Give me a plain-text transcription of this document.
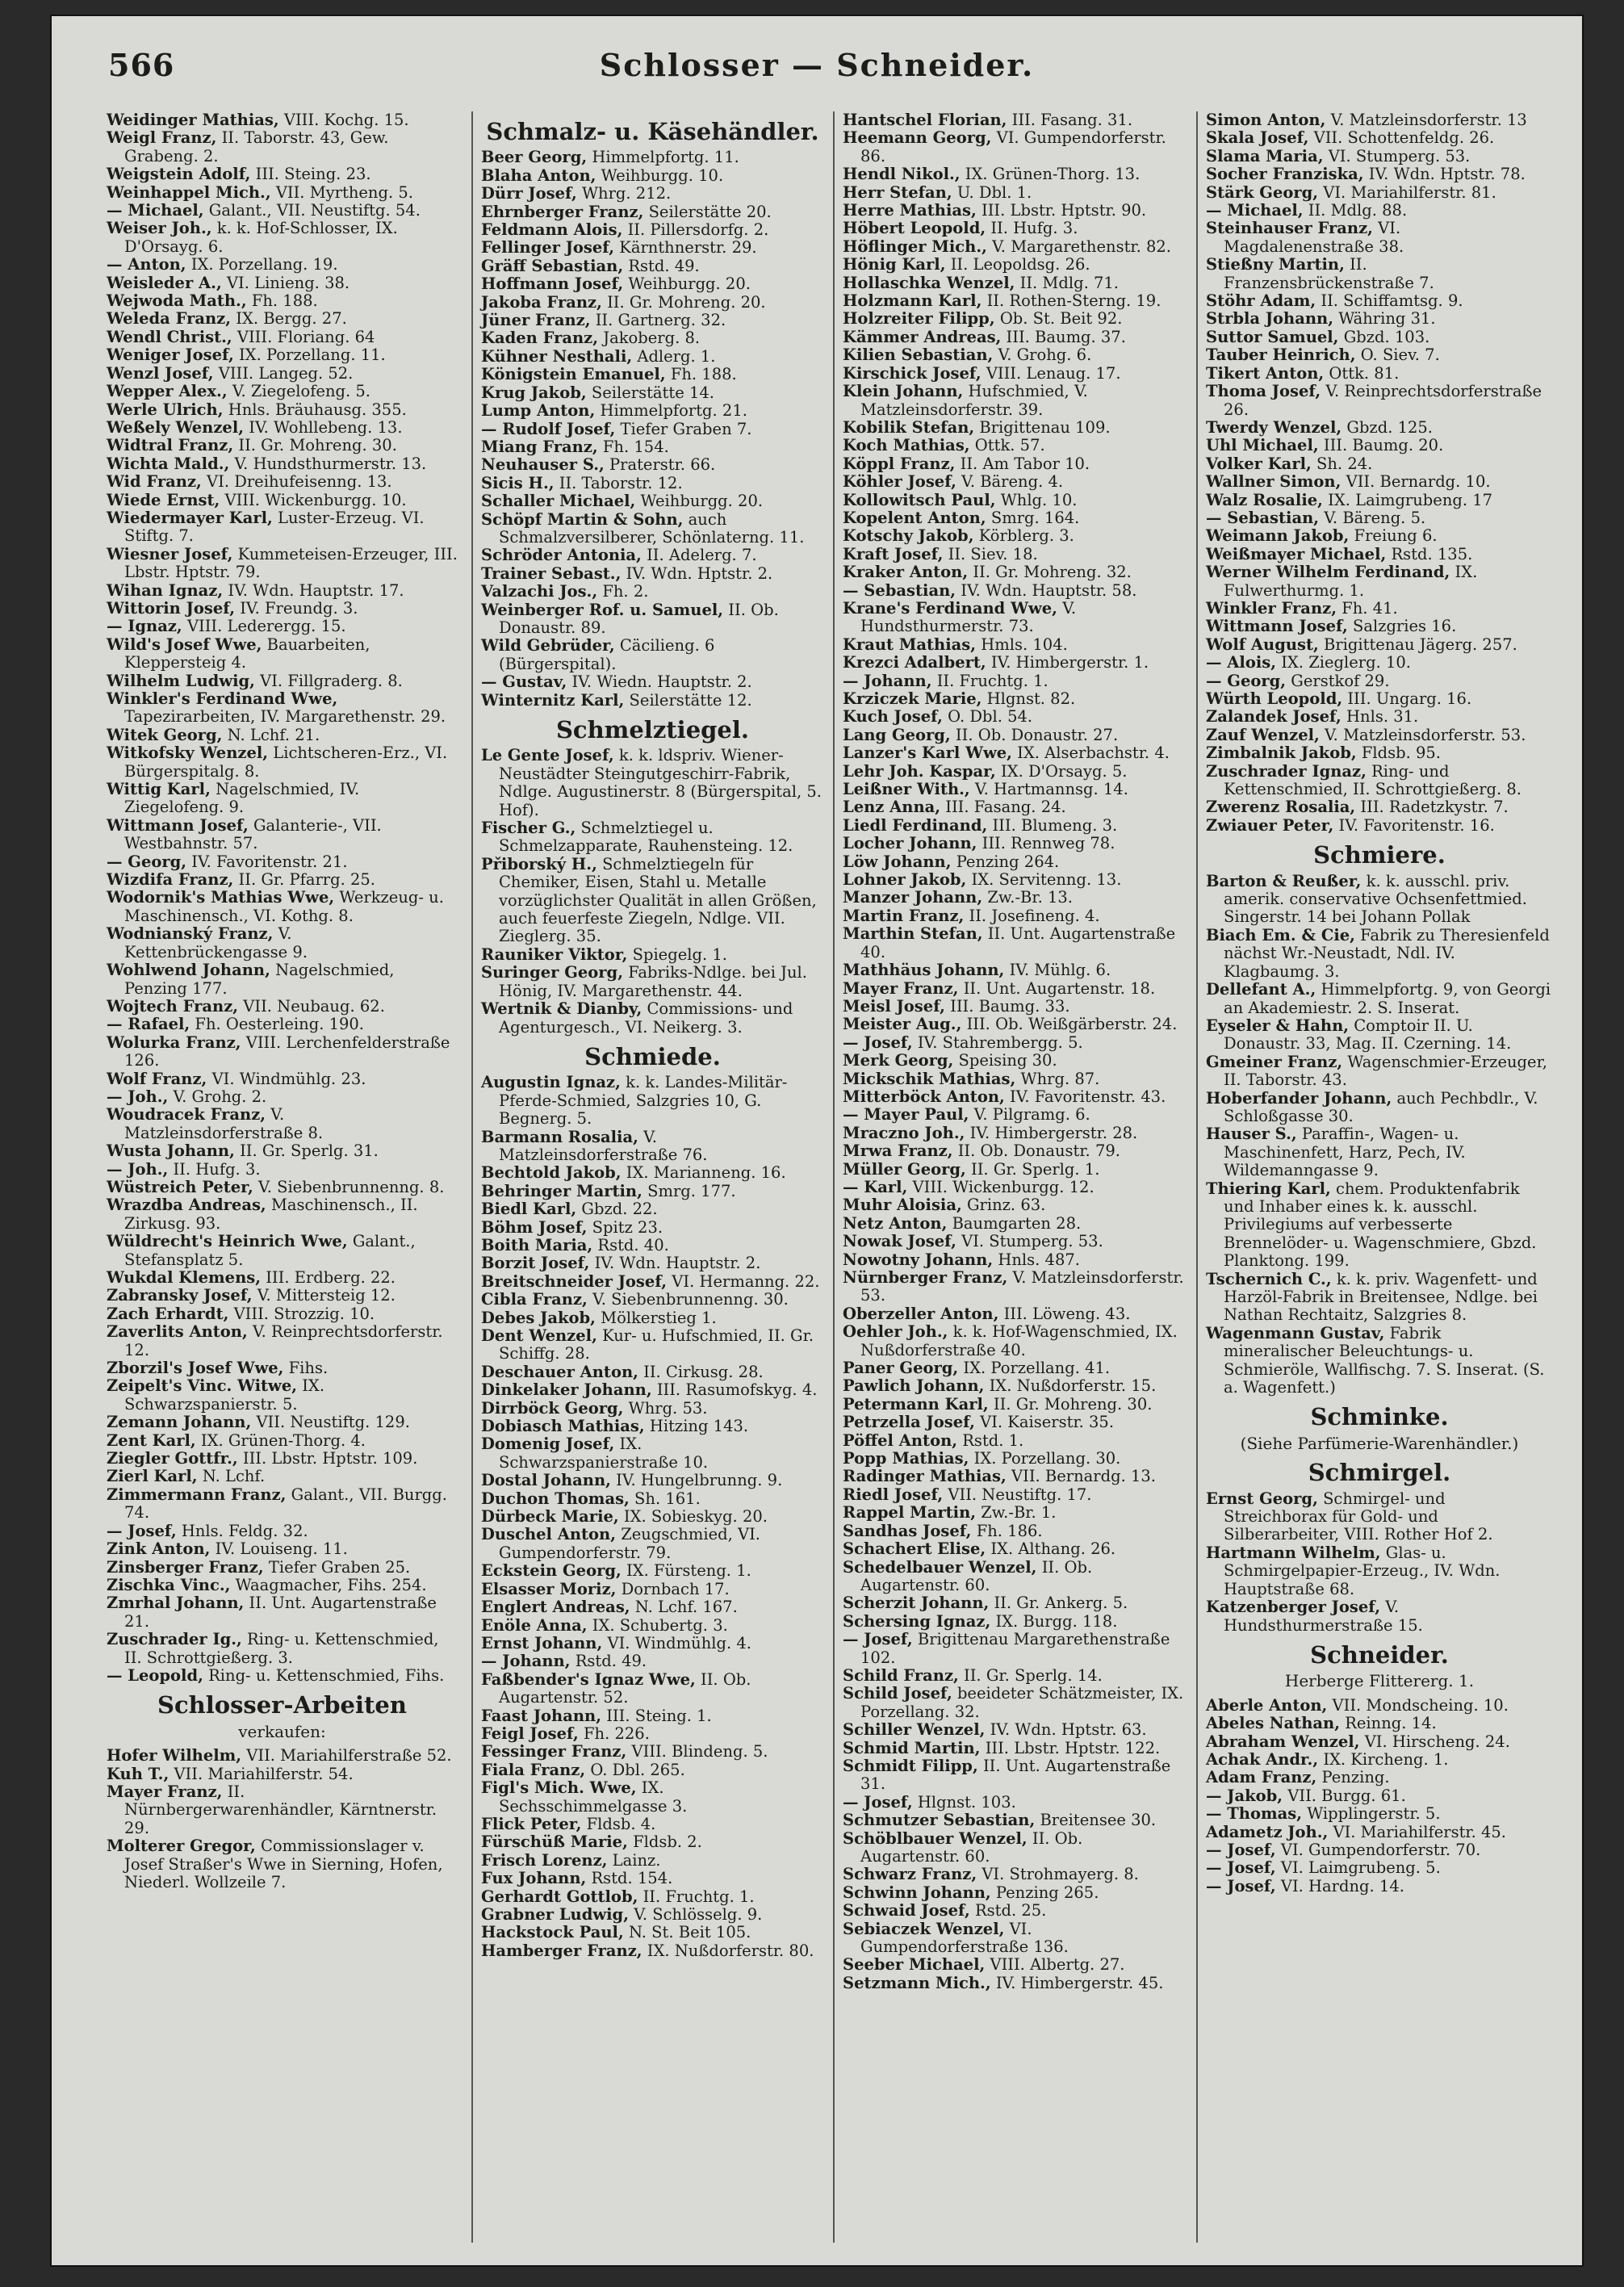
566	Schlosser — Schneider.

Weidinger Mathias, VIII. Kochg. 15.

Weigl Franz, II. Taborstr. 43, Gew. Grabeng. 2.

Weigstein Adolf, III. Steing. 23.

Weinhappel Mich., VII. Myrtheng. 5.

— Michael, Galant., VII. Neustiftg. 54.

Weiser Joh., k. k. Hof-Schlosser, IX. D'Orsayg. 6.

— Anton, IX. Porzellang. 19.

Weisleder A., VI. Linieng. 38.

Wejwoda Math., Fh. 188.

Weleda Franz, IX. Bergg. 27.

Wendl Christ., VIII. Floriang. 64

Weniger Josef, IX. Porzellang. 11.

Wenzl Josef, VIII. Langeg. 52.

Wepper Alex., V. Ziegelofeng. 5.

Werle Ulrich, Hnls. Bräuhausg. 355.

Weßely Wenzel, IV. Wohllebeng. 13.

Widtral Franz, II. Gr. Mohreng. 30.

Wichta Mald., V. Hundsthurmerstr. 13.

Wid Franz, VI. Dreihufeisenng. 13.

Wiede Ernst, VIII. Wickenburgg. 10.

Wiedermayer Karl, Luster-Erzeug. VI. Stiftg. 7.

Wiesner Josef, Kummeteisen-Erzeuger, III. Lbstr. Hptstr. 79.

Wihan Ignaz, IV. Wdn. Hauptstr. 17.

Wittorin Josef, IV. Freundg. 3.

— Ignaz, VIII. Lederergg. 15.

Wild's Josef Wwe, Bauarbeiten, Kleppersteig 4.

Wilhelm Ludwig, VI. Fillgraderg. 8.

Winkler's Ferdinand Wwe, Tapezirarbeiten, IV. Margarethenstr. 29.

Witek Georg, N. Lchf. 21.

Witkofsky Wenzel, Lichtscheren-Erz., VI. Bürgerspitalg. 8.

Wittig Karl, Nagelschmied, IV. Ziegelofeng. 9.

Wittmann Josef, Galanterie-, VII. Westbahnstr. 57.

— Georg, IV. Favoritenstr. 21.

Wizdifa Franz, II. Gr. Pfarrg. 25.

Wodornik's Mathias Wwe, Werkzeug- u. Maschinensch., VI. Kothg. 8.

Wodnianský Franz, V. Kettenbrückengasse 9.

Wohlwend Johann, Nagelschmied, Penzing 177.

Wojtech Franz, VII. Neubaug. 62.

— Rafael, Fh. Oesterleing. 190.

Wolurka Franz, VIII. Lerchenfelderstraße 126.

Wolf Franz, VI. Windmühlg. 23.

— Joh., V. Grohg. 2.

Woudracek Franz, V. Matzleinsdorferstraße 8.

Wusta Johann, II. Gr. Sperlg. 31.

— Joh., II. Hufg. 3.

Wüstreich Peter, V. Siebenbrunnenng. 8.

Wrazdba Andreas, Maschinensch., II. Zirkusg. 93.

Wüldrecht's Heinrich Wwe, Galant., Stefansplatz 5.

Wukdal Klemens, III. Erdberg. 22.

Zabransky Josef, V. Mittersteig 12.

Zach Erhardt, VIII. Strozzig. 10.

Zaverlits Anton, V. Reinprechtsdorferstr. 12.

Zborzil's Josef Wwe, Fihs.

Zeipelt's Vinc. Witwe, IX. Schwarzspanierstr. 5.

Zemann Johann, VII. Neustiftg. 129.

Zent Karl, IX. Grünen-Thorg. 4.

Ziegler Gottfr., III. Lbstr. Hptstr. 109.

Zierl Karl, N. Lchf.

Zimmermann Franz, Galant., VII. Burgg. 74.

— Josef, Hnls. Feldg. 32.

Zink Anton, IV. Louiseng. 11.

Zinsberger Franz, Tiefer Graben 25.

Zischka Vinc., Waagmacher, Fihs. 254.

Zmrhal Johann, II. Unt. Augartenstraße 21.

Zuschrader Ig., Ring- u. Kettenschmied, II. Schrottgießerg. 3.

— Leopold, Ring- u. Kettenschmied, Fihs.

Schlosser-Arbeiten
verkaufen:

Hofer Wilhelm, VII. Mariahilferstraße 52.

Kuh T., VII. Mariahilferstr. 54.

Mayer Franz, II. Nürnbergerwarenhändler, Kärntnerstr. 29.

Molterer Gregor, Commissionslager v. Josef Straßer's Wwe in Sierning, Hofen, Niederl. Wollzeile 7.

Schmalz- u. Käsehändler.

Beer Georg, Himmelpfortg. 11.

Blaha Anton, Weihburgg. 10.

Dürr Josef, Whrg. 212.

Ehrnberger Franz, Seilerstätte 20.

Feldmann Alois, II. Pillersdorfg. 2.

Fellinger Josef, Kärnthnerstr. 29.

Gräff Sebastian, Rstd. 49.

Hoffmann Josef, Weihburgg. 20.

Jakoba Franz, II. Gr. Mohreng. 20.

Jüner Franz, II. Gartnerg. 32.

Kaden Franz, Jakoberg. 8.

Kühner Nesthali, Adlerg. 1.

Königstein Emanuel, Fh. 188.

Krug Jakob, Seilerstätte 14.

Lump Anton, Himmelpfortg. 21.

— Rudolf Josef, Tiefer Graben 7.

Miang Franz, Fh. 154.

Neuhauser S., Praterstr. 66.

Sicis H., II. Taborstr. 12.

Schaller Michael, Weihburgg. 20.

Schöpf Martin & Sohn, auch Schmalzversilberer, Schönlaterng. 11.

Schröder Antonia, II. Adelerg. 7.

Trainer Sebast., IV. Wdn. Hptstr. 2.

Valzachi Jos., Fh. 2.

Weinberger Rof. u. Samuel, II. Ob. Donaustr. 89.

Wild Gebrüder, Cäcilieng. 6 (Bürgerspital).

— Gustav, IV. Wiedn. Hauptstr. 2.

Winternitz Karl, Seilerstätte 12.

Schmelztiegel.

Le Gente Josef, k. k. ldspriv. Wiener-Neustädter Steingutgeschirr-Fabrik, Ndlge. Augustinerstr. 8 (Bürgerspital, 5. Hof).

Fischer G., Schmelztiegel u. Schmelzapparate, Rauhensteing. 12.

Přiborský H., Schmelztiegeln für Chemiker, Eisen, Stahl u. Metalle vorzüglichster Qualität in allen Größen, auch feuerfeste Ziegeln, Ndlge. VII. Zieglerg. 35.

Rauniker Viktor, Spiegelg. 1.

Suringer Georg, Fabriks-Ndlge. bei Jul. Hönig, IV. Margarethenstr. 44.

Wertnik & Dianby, Commissions- und Agenturgesch., VI. Neikerg. 3.

Schmiede.

Augustin Ignaz, k. k. Landes-Militär-Pferde-Schmied, Salzgries 10, G. Begnerg. 5.

Barmann Rosalia, V. Matzleinsdorferstraße 76.

Bechtold Jakob, IX. Marianneng. 16.

Behringer Martin, Smrg. 177.

Biedl Karl, Gbzd. 22.

Böhm Josef, Spitz 23.

Boith Maria, Rstd. 40.

Borzit Josef, IV. Wdn. Hauptstr. 2.

Breitschneider Josef, VI. Hermanng. 22.

Cibla Franz, V. Siebenbrunnenng. 30.

Debes Jakob, Mölkerstieg 1.

Dent Wenzel, Kur- u. Hufschmied, II. Gr. Schiffg. 28.

Deschauer Anton, II. Cirkusg. 28.

Dinkelaker Johann, III. Rasumofskyg. 4.

Dirrböck Georg, Whrg. 53.

Dobiasch Mathias, Hitzing 143.

Domenig Josef, IX. Schwarzspanierstraße 10.

Dostal Johann, IV. Hungelbrunng. 9.

Duchon Thomas, Sh. 161.

Dürbeck Marie, IX. Sobieskyg. 20.

Duschel Anton, Zeugschmied, VI. Gumpendorferstr. 79.

Eckstein Georg, IX. Fürsteng. 1.

Elsasser Moriz, Dornbach 17.

Englert Andreas, N. Lchf. 167.

Enöle Anna, IX. Schubertg. 3.

Ernst Johann, VI. Windmühlg. 4.

— Johann, Rstd. 49.

Faßbender's Ignaz Wwe, II. Ob. Augartenstr. 52.

Faast Johann, III. Steing. 1.

Feigl Josef, Fh. 226.

Fessinger Franz, VIII. Blindeng. 5.

Fiala Franz, O. Dbl. 265.

Figl's Mich. Wwe, IX. Sechsschimmelgasse 3.

Flick Peter, Fldsb. 4.

Fürschüß Marie, Fldsb. 2.

Frisch Lorenz, Lainz.

Fux Johann, Rstd. 154.

Gerhardt Gottlob, II. Fruchtg. 1.

Grabner Ludwig, V. Schlösselg. 9.

Hackstock Paul, N. St. Beit 105.

Hamberger Franz, IX. Nußdorferstr. 80.

Hantschel Florian, III. Fasang. 31.

Heemann Georg, VI. Gumpendorferstr. 86.

Hendl Nikol., IX. Grünen-Thorg. 13.

Herr Stefan, U. Dbl. 1.

Herre Mathias, III. Lbstr. Hptstr. 90.

Höbert Leopold, II. Hufg. 3.

Höflinger Mich., V. Margarethenstr. 82.

Hönig Karl, II. Leopoldsg. 26.

Hollaschka Wenzel, II. Mdlg. 71.

Holzmann Karl, II. Rothen-Sterng. 19.

Holzreiter Filipp, Ob. St. Beit 92.

Kämmer Andreas, III. Baumg. 37.

Kilien Sebastian, V. Grohg. 6.

Kirschick Josef, VIII. Lenaug. 17.

Klein Johann, Hufschmied, V. Matzleinsdorferstr. 39.

Kobilik Stefan, Brigittenau 109.

Koch Mathias, Ottk. 57.

Köppl Franz, II. Am Tabor 10.

Köhler Josef, V. Bäreng. 4.

Kollowitsch Paul, Whlg. 10.

Kopelent Anton, Smrg. 164.

Kotschy Jakob, Körblerg. 3.

Kraft Josef, II. Siev. 18.

Kraker Anton, II. Gr. Mohreng. 32.

— Sebastian, IV. Wdn. Hauptstr. 58.

Krane's Ferdinand Wwe, V. Hundsthurmerstr. 73.

Kraut Mathias, Hmls. 104.

Krezci Adalbert, IV. Himbergerstr. 1.

— Johann, II. Fruchtg. 1.

Krziczek Marie, Hlgnst. 82.

Kuch Josef, O. Dbl. 54.

Lang Georg, II. Ob. Donaustr. 27.

Lanzer's Karl Wwe, IX. Alserbachstr. 4.

Lehr Joh. Kaspar, IX. D'Orsayg. 5.

Leißner With., V. Hartmannsg. 14.

Lenz Anna, III. Fasang. 24.

Liedl Ferdinand, III. Blumeng. 3.

Locher Johann, III. Rennweg 78.

Löw Johann, Penzing 264.

Lohner Jakob, IX. Servitenng. 13.

Manzer Johann, Zw.-Br. 13.

Martin Franz, II. Josefineng. 4.

Marthin Stefan, II. Unt. Augartenstraße 40.

Mathhäus Johann, IV. Mühlg. 6.

Mayer Franz, II. Unt. Augartenstr. 18.

Meisl Josef, III. Baumg. 33.

Meister Aug., III. Ob. Weißgärberstr. 24.

— Josef, IV. Stahrembergg. 5.

Merk Georg, Speising 30.

Mickschik Mathias, Whrg. 87.

Mitterböck Anton, IV. Favoritenstr. 43.

— Mayer Paul, V. Pilgramg. 6.

Mraczno Joh., IV. Himbergerstr. 28.

Mrwa Franz, II. Ob. Donaustr. 79.

Müller Georg, II. Gr. Sperlg. 1.

— Karl, VIII. Wickenburgg. 12.

Muhr Aloisia, Grinz. 63.

Netz Anton, Baumgarten 28.

Nowak Josef, VI. Stumperg. 53.

Nowotny Johann, Hnls. 487.

Nürnberger Franz, V. Matzleinsdorferstr. 53.

Oberzeller Anton, III. Löweng. 43.

Oehler Joh., k. k. Hof-Wagenschmied, IX. Nußdorferstraße 40.

Paner Georg, IX. Porzellang. 41.

Pawlich Johann, IX. Nußdorferstr. 15.

Petermann Karl, II. Gr. Mohreng. 30.

Petrzella Josef, VI. Kaiserstr. 35.

Pöffel Anton, Rstd. 1.

Popp Mathias, IX. Porzellang. 30.

Radinger Mathias, VII. Bernardg. 13.

Riedl Josef, VII. Neustiftg. 17.

Rappel Martin, Zw.-Br. 1.

Sandhas Josef, Fh. 186.

Schachert Elise, IX. Althang. 26.

Schedelbauer Wenzel, II. Ob. Augartenstr. 60.

Scherzit Johann, II. Gr. Ankerg. 5.

Schersing Ignaz, IX. Burgg. 118.

— Josef, Brigittenau Margarethenstraße 102.

Schild Franz, II. Gr. Sperlg. 14.

Schild Josef, beeideter Schätzmeister, IX. Porzellang. 32.

Schiller Wenzel, IV. Wdn. Hptstr. 63.

Schmid Martin, III. Lbstr. Hptstr. 122.

Schmidt Filipp, II. Unt. Augartenstraße 31.

— Josef, Hlgnst. 103.

Schmutzer Sebastian, Breitensee 30.

Schöblbauer Wenzel, II. Ob. Augartenstr. 60.

Schwarz Franz, VI. Strohmayerg. 8.

Schwinn Johann, Penzing 265.

Schwaid Josef, Rstd. 25.

Sebiaczek Wenzel, VI. Gumpendorferstraße 136.

Seeber Michael, VIII. Albertg. 27.

Setzmann Mich., IV. Himbergerstr. 45.

Simon Anton, V. Matzleinsdorferstr. 13

Skala Josef, VII. Schottenfeldg. 26.

Slama Maria, VI. Stumperg. 53.

Socher Franziska, IV. Wdn. Hptstr. 78.

Stärk Georg, VI. Mariahilferstr. 81.

— Michael, II. Mdlg. 88.

Steinhauser Franz, VI. Magdalenenstraße 38.

Stießny Martin, II. Franzensbrückenstraße 7.

Stöhr Adam, II. Schiffamtsg. 9.

Strbla Johann, Währing 31.

Suttor Samuel, Gbzd. 103.

Tauber Heinrich, O. Siev. 7.

Tikert Anton, Ottk. 81.

Thoma Josef, V. Reinprechtsdorferstraße 26.

Twerdy Wenzel, Gbzd. 125.

Uhl Michael, III. Baumg. 20.

Volker Karl, Sh. 24.

Wallner Simon, VII. Bernardg. 10.

Walz Rosalie, IX. Laimgrubeng. 17

— Sebastian, V. Bäreng. 5.

Weimann Jakob, Freiung 6.

Weißmayer Michael, Rstd. 135.

Werner Wilhelm Ferdinand, IX. Fulwerthurmg. 1.

Winkler Franz, Fh. 41.

Wittmann Josef, Salzgries 16.

Wolf August, Brigittenau Jägerg. 257.

— Alois, IX. Zieglerg. 10.

— Georg, Gerstkof 29.

Würth Leopold, III. Ungarg. 16.

Zalandek Josef, Hnls. 31.

Zauf Wenzel, V. Matzleinsdorferstr. 53.

Zimbalnik Jakob, Fldsb. 95.

Zuschrader Ignaz, Ring- und Kettenschmied, II. Schrottgießerg. 8.

Zwerenz Rosalia, III. Radetzkystr. 7.

Zwiauer Peter, IV. Favoritenstr. 16.

Schmiere.

Barton & Reußer, k. k. ausschl. priv. amerik. conservative Ochsenfettmied. Singerstr. 14 bei Johann Pollak

Biach Em. & Cie, Fabrik zu Theresienfeld nächst Wr.-Neustadt, Ndl. IV. Klagbaumg. 3.

Dellefant A., Himmelpfortg. 9, von Georgi an Akademiestr. 2. S. Inserat.

Eyseler & Hahn, Comptoir II. U. Donaustr. 33, Mag. II. Czerning. 14.

Gmeiner Franz, Wagenschmier-Erzeuger, II. Taborstr. 43.

Hoberfander Johann, auch Pechbdlr., V. Schloßgasse 30.

Hauser S., Paraffin-, Wagen- u. Maschinenfett, Harz, Pech, IV. Wildemanngasse 9.

Thiering Karl, chem. Produktenfabrik und Inhaber eines k. k. ausschl. Privilegiums auf verbesserte Brennelöder- u. Wagenschmiere, Gbzd. Planktong. 199.

Tschernich C., k. k. priv. Wagenfett- und Harzöl-Fabrik in Breitensee, Ndlge. bei Nathan Rechtaitz, Salzgries 8.

Wagenmann Gustav, Fabrik mineralischer Beleuchtungs- u. Schmieröle, Wallfischg. 7. S. Inserat. (S. a. Wagenfett.)

Schminke.
(Siehe Parfümerie-Warenhändler.)
Schmirgel.

Ernst Georg, Schmirgel- und Streichborax für Gold- und Silberarbeiter, VIII. Rother Hof 2.

Hartmann Wilhelm, Glas- u. Schmirgelpapier-Erzeug., IV. Wdn. Hauptstraße 68.

Katzenberger Josef, V. Hundsthurmerstraße 15.

Schneider.
Herberge Flittererg. 1.

Aberle Anton, VII. Mondscheing. 10.

Abeles Nathan, Reinng. 14.

Abraham Wenzel, VI. Hirscheng. 24.

Achak Andr., IX. Kircheng. 1.

Adam Franz, Penzing.

— Jakob, VII. Burgg. 61.

— Thomas, Wipplingerstr. 5.

Adametz Joh., VI. Mariahilferstr. 45.

— Josef, VI. Gumpendorferstr. 70.

— Josef, VI. Laimgrubeng. 5.

— Josef, VI. Hardng. 14.
